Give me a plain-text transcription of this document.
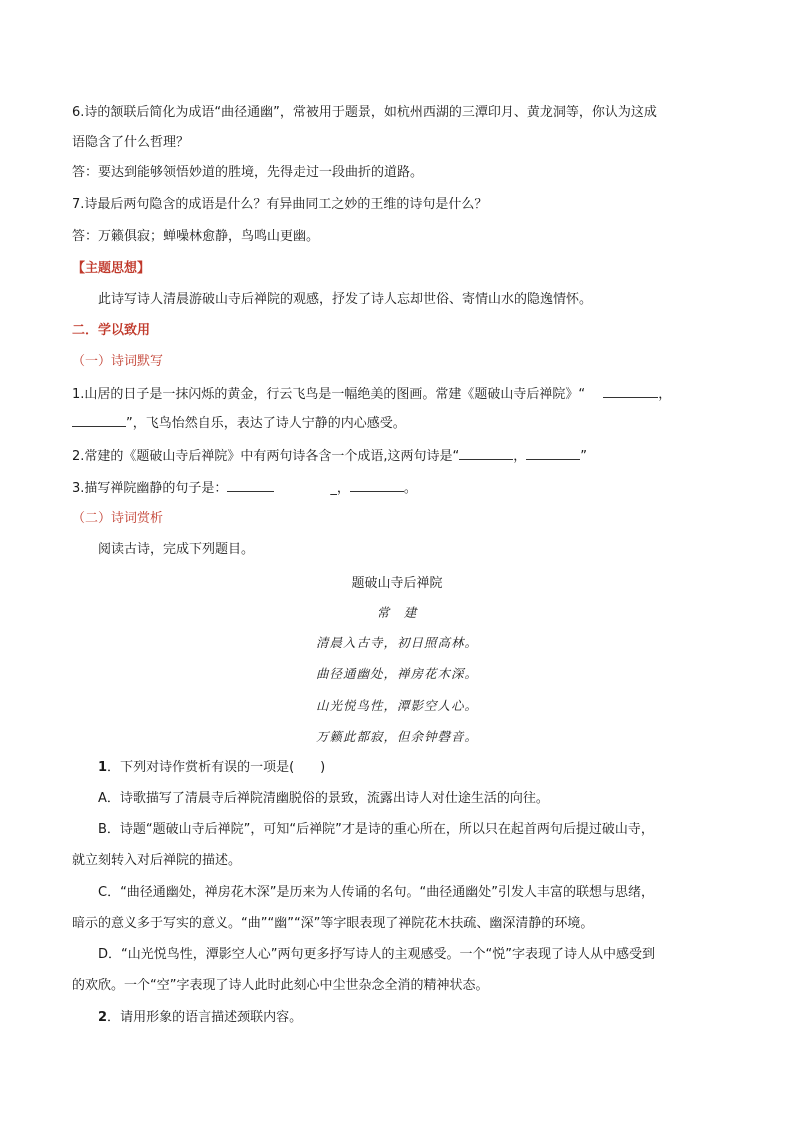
6.诗的颔联后简化为成语“曲径通幽”，常被用于题景，如杭州西湖的三潭印月、黄龙洞等，你认为这成
语隐含了什么哲理？
答：要达到能够领悟妙道的胜境，先得走过一段曲折的道路。
7.诗最后两句隐含的成语是什么？有异曲同工之妙的王维的诗句是什么？
答：万籁俱寂；蝉噪林愈静，鸟鸣山更幽。
【主题思想】
此诗写诗人清晨游破山寺后禅院的观感，抒发了诗人忘却世俗、寄情山水的隐逸情怀。
二．学以致用
（一）诗词默写
1.山居的日子是一抹闪烁的黄金，行云飞鸟是一幅绝美的图画。常建《题破山寺后禅院》“	，
”，飞鸟怡然自乐，表达了诗人宁静的内心感受。
2.常建的《题破山寺后禅院》中有两句诗各含一个成语,这两句诗是“	，	”
3.描写禅院幽静的句子是：	_，	。
（二）诗词赏析
阅读古诗，完成下列题目。
题破山寺后禅院
常　建
清晨入古寺，初日照高林。
曲径通幽处，禅房花木深。
山光悦鸟性，潭影空人心。
万籁此都寂，但余钟磬音。
1．下列对诗作赏析有误的一项是(　　)
A．诗歌描写了清晨寺后禅院清幽脱俗的景致，流露出诗人对仕途生活的向往。
B．诗题“题破山寺后禅院”，可知“后禅院”才是诗的重心所在，所以只在起首两句后提过破山寺，
就立刻转入对后禅院的描述。
C．“曲径通幽处，禅房花木深”是历来为人传诵的名句。“曲径通幽处”引发人丰富的联想与思绪，
暗示的意义多于写实的意义。“曲”“幽”“深”等字眼表现了禅院花木扶疏、幽深清静的环境。
D．“山光悦鸟性，潭影空人心”两句更多抒写诗人的主观感受。一个“悦”字表现了诗人从中感受到
的欢欣。一个“空”字表现了诗人此时此刻心中尘世杂念全消的精神状态。
2．请用形象的语言描述颈联内容。
